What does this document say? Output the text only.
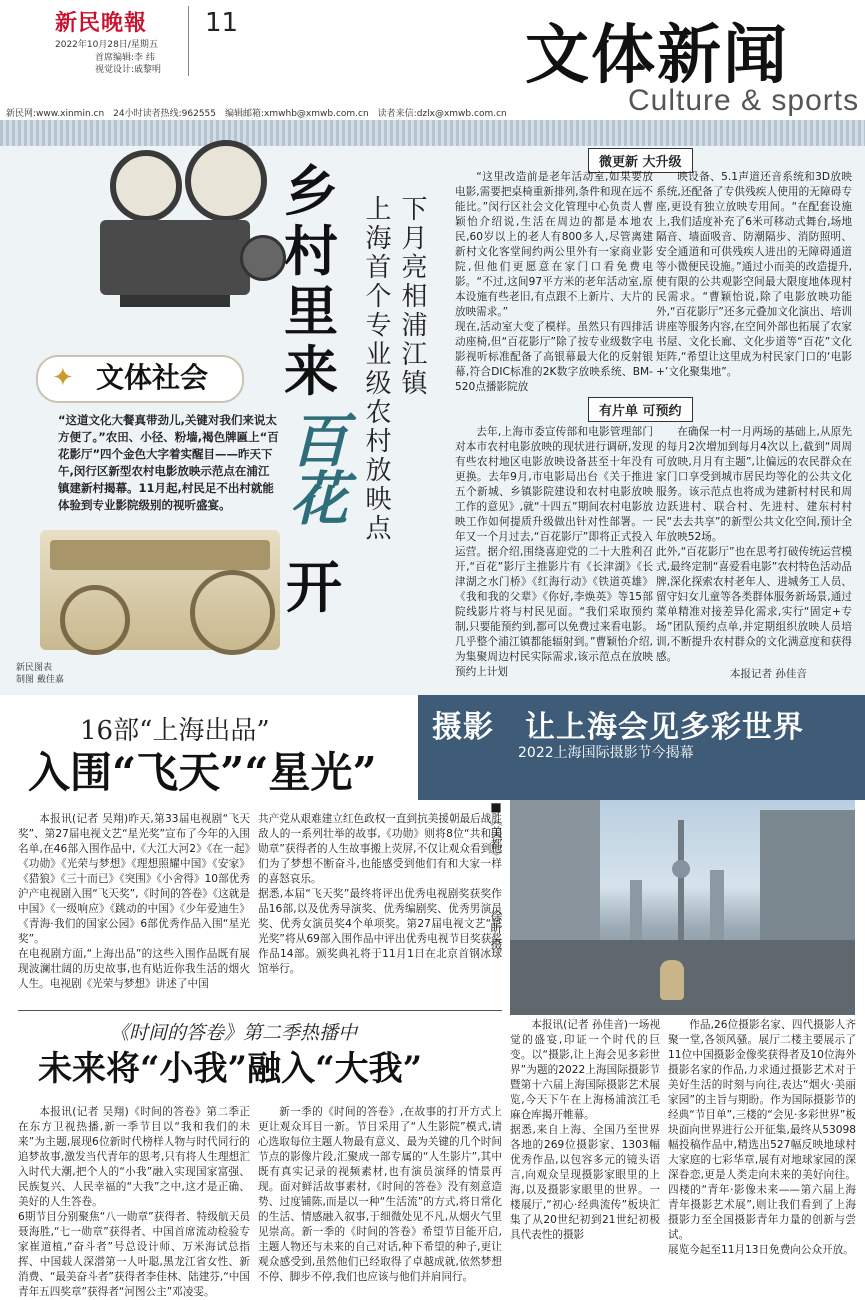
新民晚報 11
2022年10月28日/星期五
首席编辑:李 纬
视觉设计:戚黎明	文体新闻
Culture & sports
新民网:www.xinmin.cn　24小时读者热线:962555　编辑邮箱:xmwhb@xmwb.com.cn　读者来信:dzlx@xmwb.com.cn
✦ 文体社会
乡
村
里
来
百花
开
下月亮相浦江镇
上海首个专业级农村放映点
“这道文化大餐真带劲儿,关键对我们来说太方便了。”农田、小径、粉墙,褐色牌匾上“百花影厅”四个金色大字着实醒目——昨天下午,闵行区新型农村电影放映示范点在浦江镇建新村揭幕。11月起,村民足不出村就能体验到专业影院级别的视听盛宴。
新民图表
制图 戴佳嘉
微更新 大升级
“这里改造前是老年活动室,如果要放电影,需要把桌椅重新排列,条件和现在远不能比。”闵行区社会文化管理中心负责人曹颖怡介绍说,生活在周边的都是本地农民,60岁以上的老人有800多人,尽管离建新村文化客堂间约两公里外有一家商业影院,但他们更愿意在家门口看免费电影。“不过,这间97平方米的老年活动室,原本设施有些老旧,有点跟不上新片、大片的放映需求。”
现在,活动室大变了模样。虽然只有四排活动座椅,但“百花影厅”除了按专业级数字电影视听标准配备了高银幕最大化的反射银幕,符合DIC标准的2K数字放映系统、BM-520点播影院放
映设备、5.1声道还音系统和3D放映系统,还配备了专供残疾人使用的无障碍专座,更设有独立放映专用间。“在配套设施上,我们适度补充了6米可移动式舞台,场地隔音、墙面吸音、防潮隔步、消防照明、安全通道和可供残疾人进出的无障碍通道等小微便民设施。”通过小而美的改造提升,使有限的公共观影空间最大限度地体现村民需求。“曹颖怡说,除了电影放映功能外,“百花影厅”还多元叠加文化演出、培训讲座等服务内容,在空间外部也拓展了农家书屋、文化长廊、文化步道等“百花”文化矩阵,“希望让这里成为村民家门口的‘电影+’文化聚集地”。
有片单 可预约
去年,上海市委宣传部和电影管理部门对本市农村电影放映的现状进行调研,发现有些农村地区电影放映设备甚至十年没有更换。去年9月,市电影局出台《关于推进五个新城、乡镇影院建设和农村电影放映工作的意见》,就“十四五”期间农村电影放映工作如何提质升级做出针对性部署。一年又一个月过去,“百花影厅”即将正式投入运营。据介绍,围绕喜迎党的二十大胜利召开,“百花”影厅主推影片有《长津湖》《长津湖之水门桥》《红海行动》《铁道英雄》《我和我的父辈》《你好,李焕英》等15部院线影片将与村民见面。“我们采取预约制,只要能预约到,都可以免费过来看电影。几乎整个浦江镇都能辐射到。”曹颖怡介绍,为集聚周边村民实际需求,该示范点在放映预约上计划
在确保一村一月两场的基础上,从原先的每月2次增加到每月4次以上,截到“周周可放映,月月有主题”,让偏远的农民群众在家门口享受到城市居民均等化的公共文化服务。该示范点也将成为建新村村民和周边跃进村、联合村、先进村、建东村村民“去去共享”的新型公共文化空间,预计全年放映52场。
此外,“百花影厅”也在思考打破传统运营模式,最终定制“喜爱看电影”农村特色活动品牌,深化探索农村老年人、进城务工人员、留守妇女儿童等各类群体服务新场景,通过菜单精准对接差异化需求,实行“固定+专场”团队预约点单,并定期组织放映人员培训,不断提升农村群众的文化满意度和获得感。
本报记者 孙佳音
16部“上海出品”
入围“飞天”“星光”
本报讯(记者 吴翔)昨天,第33届电视剧“飞天奖”、第27届电视文艺“星光奖”宣布了今年的入围名单,在46部入围作品中,《大江大河2》《在一起》《功勋》《光荣与梦想》《理想照耀中国》《安家》《猎狼》《三十而已》《突围》《小舍得》10部优秀沪产电视剧入围“飞天奖”,《时间的答卷》《这就是中国》《一级响应》《跳动的中国》《少年爱迪生》《青海·我们的国家公园》6部优秀作品入围“星光奖”。
在电视剧方面,“上海出品”的这些入围作品既有展现波澜壮阔的历史故事,也有贴近你我生活的烟火人生。电视剧《光荣与梦想》讲述了中国
共产党从艰难建立红色政权一直到抗美援朝最后战胜敌人的一系列壮举的故事,《功勋》则将8位“共和国勋章”获得者的人生故事搬上荧屏,不仅让观众看到他们为了梦想不断奋斗,也能感受到他们有和大家一样的喜怒哀乐。
据悉,本届“飞天奖”最终将评出优秀电视剧奖获奖作品16部,以及优秀导演奖、优秀编剧奖、优秀男演员奖、优秀女演员奖4个单项奖。第27届电视文艺“星光奖”将从69部入围作品中评出优秀电视节目奖获奖作品14部。颁奖典礼将于11月1日在北京首钢冰球馆举行。
《时间的答卷》第二季热播中
未来将“小我”融入“大我”
本报讯(记者 吴翔)《时间的答卷》第二季正在东方卫视热播,新一季节目以“我和我们的未来”为主题,展现6位新时代榜样人物与时代同行的追梦故事,激发当代青年的思考,只有将人生理想汇入时代大潮,把个人的“小我”融入实现国家富强、民族复兴、人民幸福的“大我”之中,这才是正确、美好的人生答卷。
6期节目分别聚焦“八一勋章”获得者、特级航天员聂海胜,“七一勋章”获得者、中国首席流动检验专家崔道植,“奋斗者”号总设计师、万米海试总指挥、中国载人深潜第一人叶聪,黑龙江省女性、新消费、“最美奋斗者”获得者李佳林、陆建芬,“中国青年五四奖章”获得者“河图公主”邓凌雯。
新一季的《时间的答卷》,在故事的打开方式上更让观众耳目一新。节目采用了“人生影院”模式,请心选取每位主题人物最有意义、最为关键的几个时间节点的影像片段,汇聚成一部专属的“人生影片”,其中既有真实记录的视频素材,也有演员演绎的情景再现。面对鲜活故事素材,《时间的答卷》没有刻意造势、过度铺陈,而是以一种“生活流”的方式,将日常化的生活、情感融入叙事,于细微处见不凡,从烟火气里见崇高。新一季的《时间的答卷》希望节目能开启,主题人物还与未来的自己对话,种下希望的种子,更让观众感受到,虽然他们已经取得了卓越成就,依然梦想不停、脚步不停,我们也应该与他们并肩同行。
摄影　 让上海会见多彩世界
2022上海国际摄影节今揭幕
■《美都》
徐昕 摄
本报讯(记者 孙佳音)一场视觉的盛宴,印证一个时代的巨变。以“摄影,让上海会见多彩世界”为题的2022上海国际摄影节暨第十六届上海国际摄影艺术展览,今天下午在上海杨浦滨江毛麻仓库揭开帷幕。
据悉,来自上海、全国乃至世界各地的269位摄影家、1303幅优秀作品,以包容多元的镜头语言,向观众呈现摄影家眼里的上海,以及摄影家眼里的世界。一楼展厅,“初心·经典流传”板块汇集了从20世纪初到21世纪初极具代表性的摄影
作品,26位摄影名家、四代摄影人齐聚一堂,各领风骚。展厅二楼主要展示了11位中国摄影金像奖获得者及10位海外摄影名家的作品,力求通过摄影艺术对于美好生活的时刻与向往,表达“烟火·美丽家园”的主旨与期盼。作为国际摄影节的经典“节目单”,三楼的“会见·多彩世界”板块面向世界进行公开征集,最终从53098幅投稿作品中,精选出527幅反映地球村大家庭的七彩华章,展有对地球家园的深深眷恋,更是人类走向未来的美好向往。四楼的“青年·影像未来——第六届上海青年摄影艺术展”,则让我们看到了上海摄影力至全国摄影青年力量的创新与尝试。
展览今起至11月13日免费向公众开放。
